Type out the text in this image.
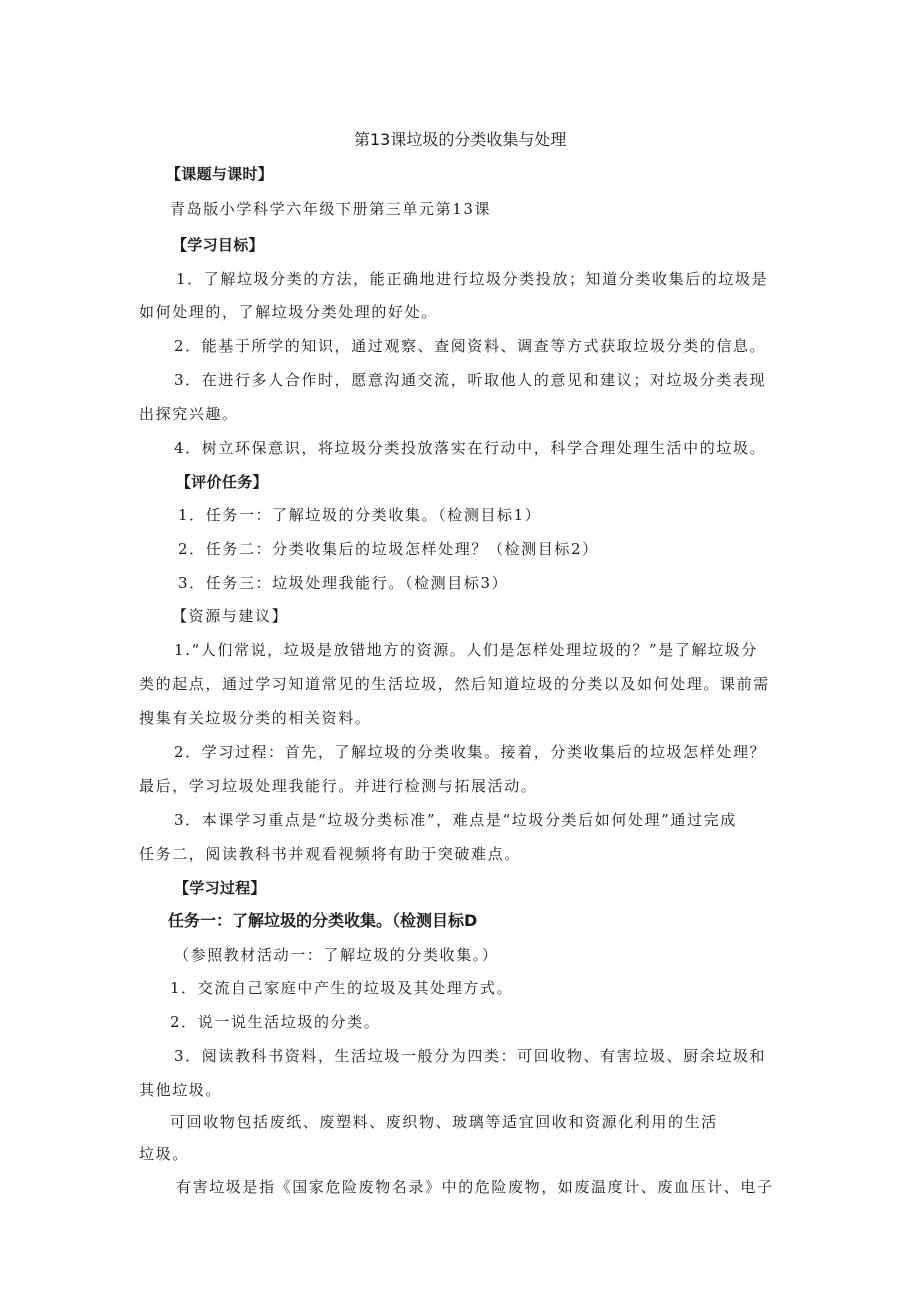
第13课垃圾的分类收集与处理
【课题与课时】
青岛版小学科学六年级下册第三单元第13课
【学习目标】
1．了解垃圾分类的方法，能正确地进行垃圾分类投放；知道分类收集后的垃圾是
如何处理的，了解垃圾分类处理的好处。
2．能基于所学的知识，通过观察、查阅资料、调查等方式获取垃圾分类的信息。
3．在进行多人合作时，愿意沟通交流，听取他人的意见和建议；对垃圾分类表现
出探究兴趣。
4．树立环保意识，将垃圾分类投放落实在行动中，科学合理处理生活中的垃圾。
【评价任务】
1．任务一：了解垃圾的分类收集。（检测目标1）
2．任务二：分类收集后的垃圾怎样处理？（检测目标2）
3．任务三：垃圾处理我能行。（检测目标3）
【资源与建议】
1.“人们常说，垃圾是放错地方的资源。人们是怎样处理垃圾的？”是了解垃圾分
类的起点，通过学习知道常见的生活垃圾，然后知道垃圾的分类以及如何处理。课前需
搜集有关垃圾分类的相关资料。
2．学习过程：首先，了解垃圾的分类收集。接着，分类收集后的垃圾怎样处理？
最后，学习垃圾处理我能行。并进行检测与拓展活动。
3．本课学习重点是“垃圾分类标准”，难点是“垃圾分类后如何处理”通过完成
任务二，阅读教科书并观看视频将有助于突破难点。
【学习过程】
任务一：了解垃圾的分类收集。（检测目标D
（参照教材活动一：了解垃圾的分类收集。）
1．交流自己家庭中产生的垃圾及其处理方式。
2．说一说生活垃圾的分类。
3．阅读教科书资料，生活垃圾一般分为四类：可回收物、有害垃圾、厨余垃圾和
其他垃圾。
可回收物包括废纸、废塑料、废织物、玻璃等适宜回收和资源化利用的生活
垃圾。
有害垃圾是指《国家危险废物名录》中的危险废物，如废温度计、废血压计、电子
